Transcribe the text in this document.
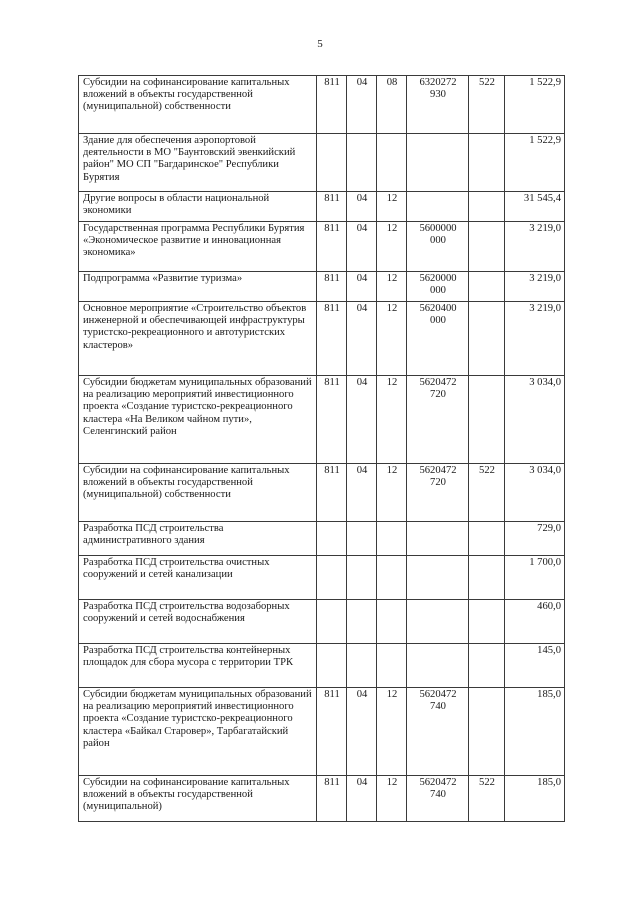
5
Субсидии на софинансирование капитальных вложений в объекты государственной (муниципальной) собственности	811	04	08	6320272 930	522	1 522,9
Здание для обеспечения аэропортовой деятельности в МО "Баунтовский эвенкийский район" МО СП "Багдаринское" Республики Бурятия						1 522,9
Другие вопросы в области национальной экономики	811	04	12			31 545,4
Государственная программа Республики Бурятия «Экономическое развитие и инновационная экономика»	811	04	12	5600000 000		3 219,0
Подпрограмма «Развитие туризма»	811	04	12	5620000 000		3 219,0
Основное мероприятие «Строительство объектов инженерной и обеспечивающей инфраструктуры туристско-рекреационного и автотуристских кластеров»	811	04	12	5620400 000		3 219,0
Субсидии бюджетам муниципальных образований на реализацию мероприятий инвестиционного проекта «Создание туристско-рекреационного кластера «На Великом чайном пути», Селенгинский район	811	04	12	5620472 720		3 034,0
Субсидии на софинансирование капитальных вложений в объекты государственной (муниципальной) собственности	811	04	12	5620472 720	522	3 034,0
Разработка ПСД строительства административного здания						729,0
Разработка ПСД строительства очистных сооружений и сетей канализации						1 700,0
Разработка ПСД строительства водозаборных сооружений и сетей водоснабжения						460,0
Разработка ПСД строительства контейнерных площадок для сбора мусора с территории ТРК						145,0
Субсидии бюджетам муниципальных образований на реализацию мероприятий инвестиционного проекта «Создание туристско-рекреационного кластера «Байкал Старовер», Тарбагатайский район	811	04	12	5620472 740		185,0
Субсидии на софинансирование капитальных вложений в объекты государственной (муниципальной)	811	04	12	5620472 740	522	185,0
